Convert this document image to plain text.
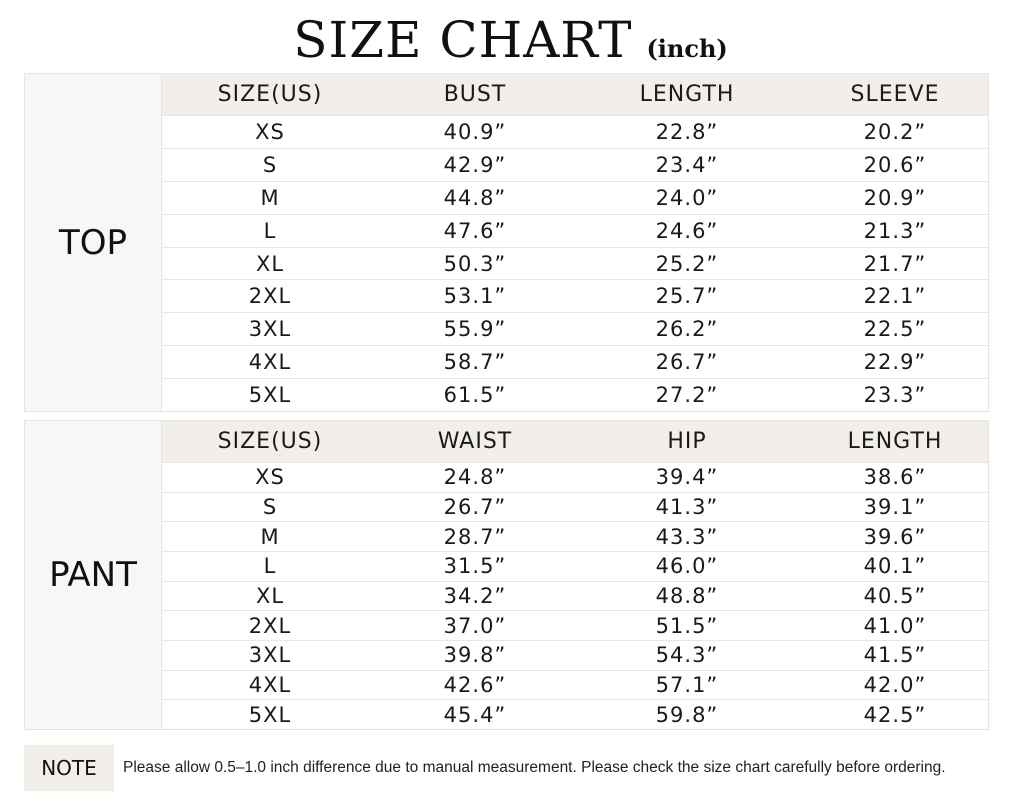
SIZE CHART (inch)
TOP
SIZE(US)	BUST	LENGTH	SLEEVE
XS	40.9”	22.8”	20.2”
S	42.9”	23.4”	20.6”
M	44.8”	24.0”	20.9”
L	47.6”	24.6”	21.3”
XL	50.3”	25.2”	21.7”
2XL	53.1”	25.7”	22.1”
3XL	55.9”	26.2”	22.5”
4XL	58.7”	26.7”	22.9”
5XL	61.5”	27.2”	23.3”
PANT
SIZE(US)	WAIST	HIP	LENGTH
XS	24.8”	39.4”	38.6”
S	26.7”	41.3”	39.1”
M	28.7”	43.3”	39.6”
L	31.5”	46.0”	40.1”
XL	34.2”	48.8”	40.5”
2XL	37.0”	51.5”	41.0”
3XL	39.8”	54.3”	41.5”
4XL	42.6”	57.1”	42.0”
5XL	45.4”	59.8”	42.5”
NOTE	Please allow 0.5–1.0 inch difference due to manual measurement. Please check the size chart carefully before ordering.
